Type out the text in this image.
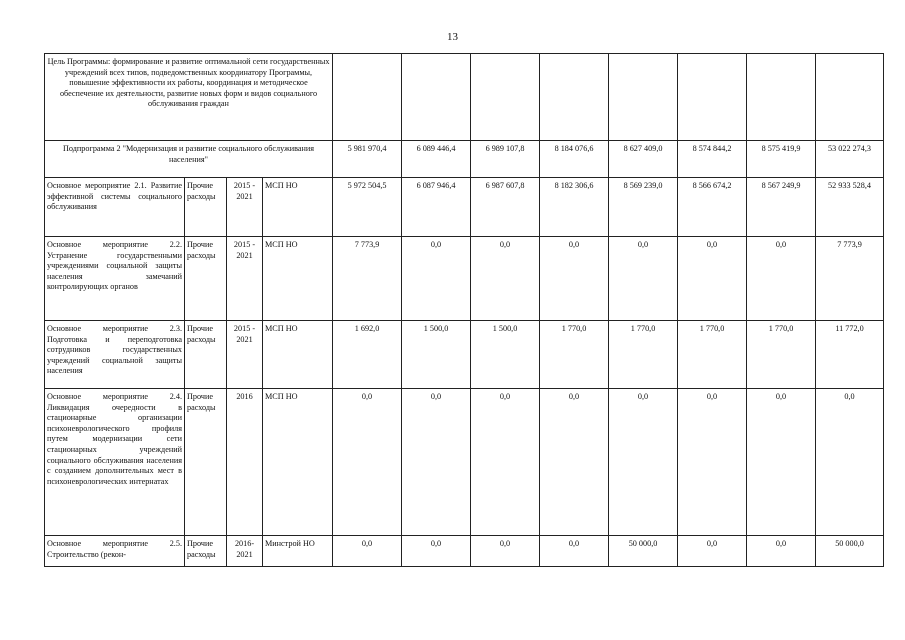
13
Цель Программы: формирование и развитие оптимальной сети государственных учреждений всех типов, подведомственных координатору Программы, повышение эффективности их работы, координация и методическое обеспечение их деятельности, развитие новых форм и видов социального обслуживания граждан											
Подпрограмма 2 "Модернизация и развитие социального обслуживания населения"				5 981 970,4	6 089 446,4	6 989 107,8	8 184 076,6	8 627 409,0	8 574 844,2	8 575 419,9	53 022 274,3
Основное мероприятие 2.1. Развитие эффективной системы социального обслуживания	Прочие расходы	2015 - 2021	МСП НО	5 972 504,5	6 087 946,4	6 987 607,8	8 182 306,6	8 569 239,0	8 566 674,2	8 567 249,9	52 933 528,4
Основное мероприятие 2.2. Устранение государственными учреждениями социальной защиты населения замечаний контролирующих органов	Прочие расходы	2015 - 2021	МСП НО	7 773,9	0,0	0,0	0,0	0,0	0,0	0,0	7 773,9
Основное мероприятие 2.3. Подготовка и переподготовка сотрудников государственных учреждений социальной защиты населения	Прочие расходы	2015 - 2021	МСП НО	1 692,0	1 500,0	1 500,0	1 770,0	1 770,0	1 770,0	1 770,0	11 772,0
Основное мероприятие 2.4. Ликвидация очередности в стационарные организации психоневрологического профиля путем модернизации сети стационарных учреждений социального обслуживания населения с созданием дополнительных мест в психоневрологических интернатах	Прочие расходы	2016	МСП НО	0,0	0,0	0,0	0,0	0,0	0,0	0,0	0,0
Основное мероприятие 2.5. Строительство (рекон-	Прочие расходы	2016-2021	Минстрой НО	0,0	0,0	0,0	0,0	50 000,0	0,0	0,0	50 000,0
